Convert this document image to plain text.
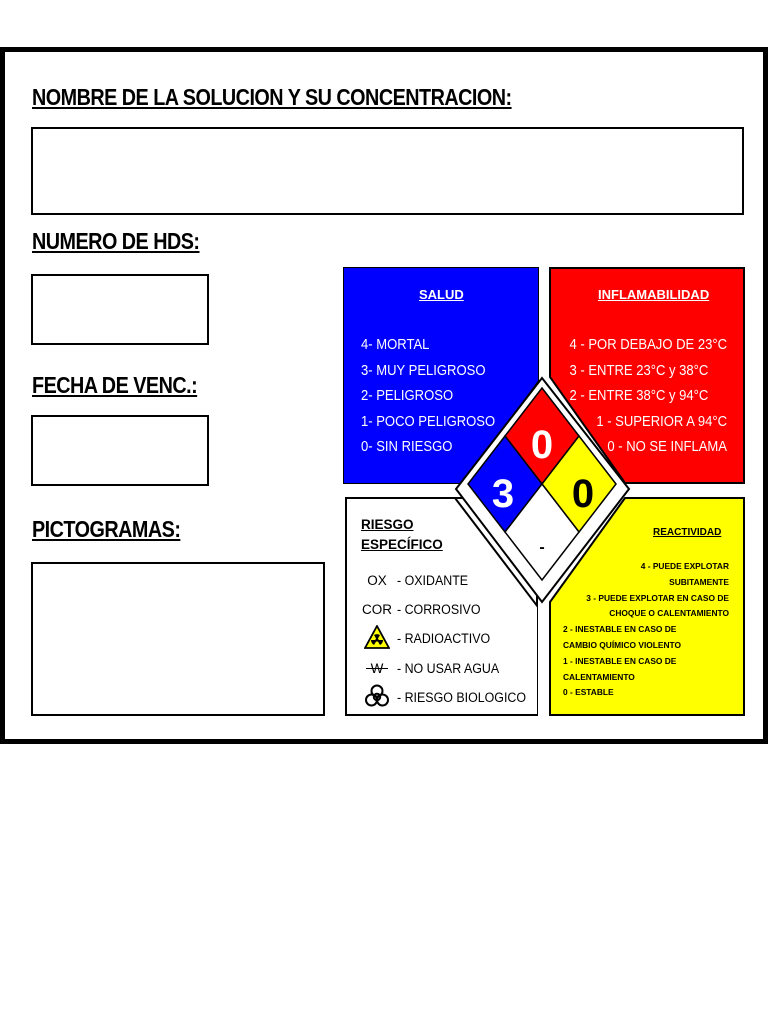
NOMBRE DE LA SOLUCION Y SU CONCENTRACION:
NUMERO DE HDS:
FECHA DE VENC.:
PICTOGRAMAS:
SALUD
4- MORTAL
3- MUY PELIGROSO
2- PELIGROSO
1- POCO PELIGROSO
0- SIN RIESGO
INFLAMABILIDAD
4 - POR DEBAJO DE 23°C
3 - ENTRE 23°C y 38°C
2 - ENTRE 38°C y 94°C
1 - SUPERIOR A 94°C
0 - NO SE INFLAMA
REACTIVIDAD
4 - PUEDE EXPLOTAR SUBITAMENTE
3 - PUEDE EXPLOTAR EN CASO DE CHOQUE O CALENTAMIENTO
2 - INESTABLE EN CASO DE CAMBIO QUÍMICO VIOLENTO
1 - INESTABLE EN CASO DE CALENTAMIENTO
0 - ESTABLE
RIESGO
ESPECÍFICO
OX - OXIDANTE
COR - CORROSIVO
- RADIOACTIVO
W	- NO USAR AGUA
- RIESGO BIOLOGICO
0
3 0
-
